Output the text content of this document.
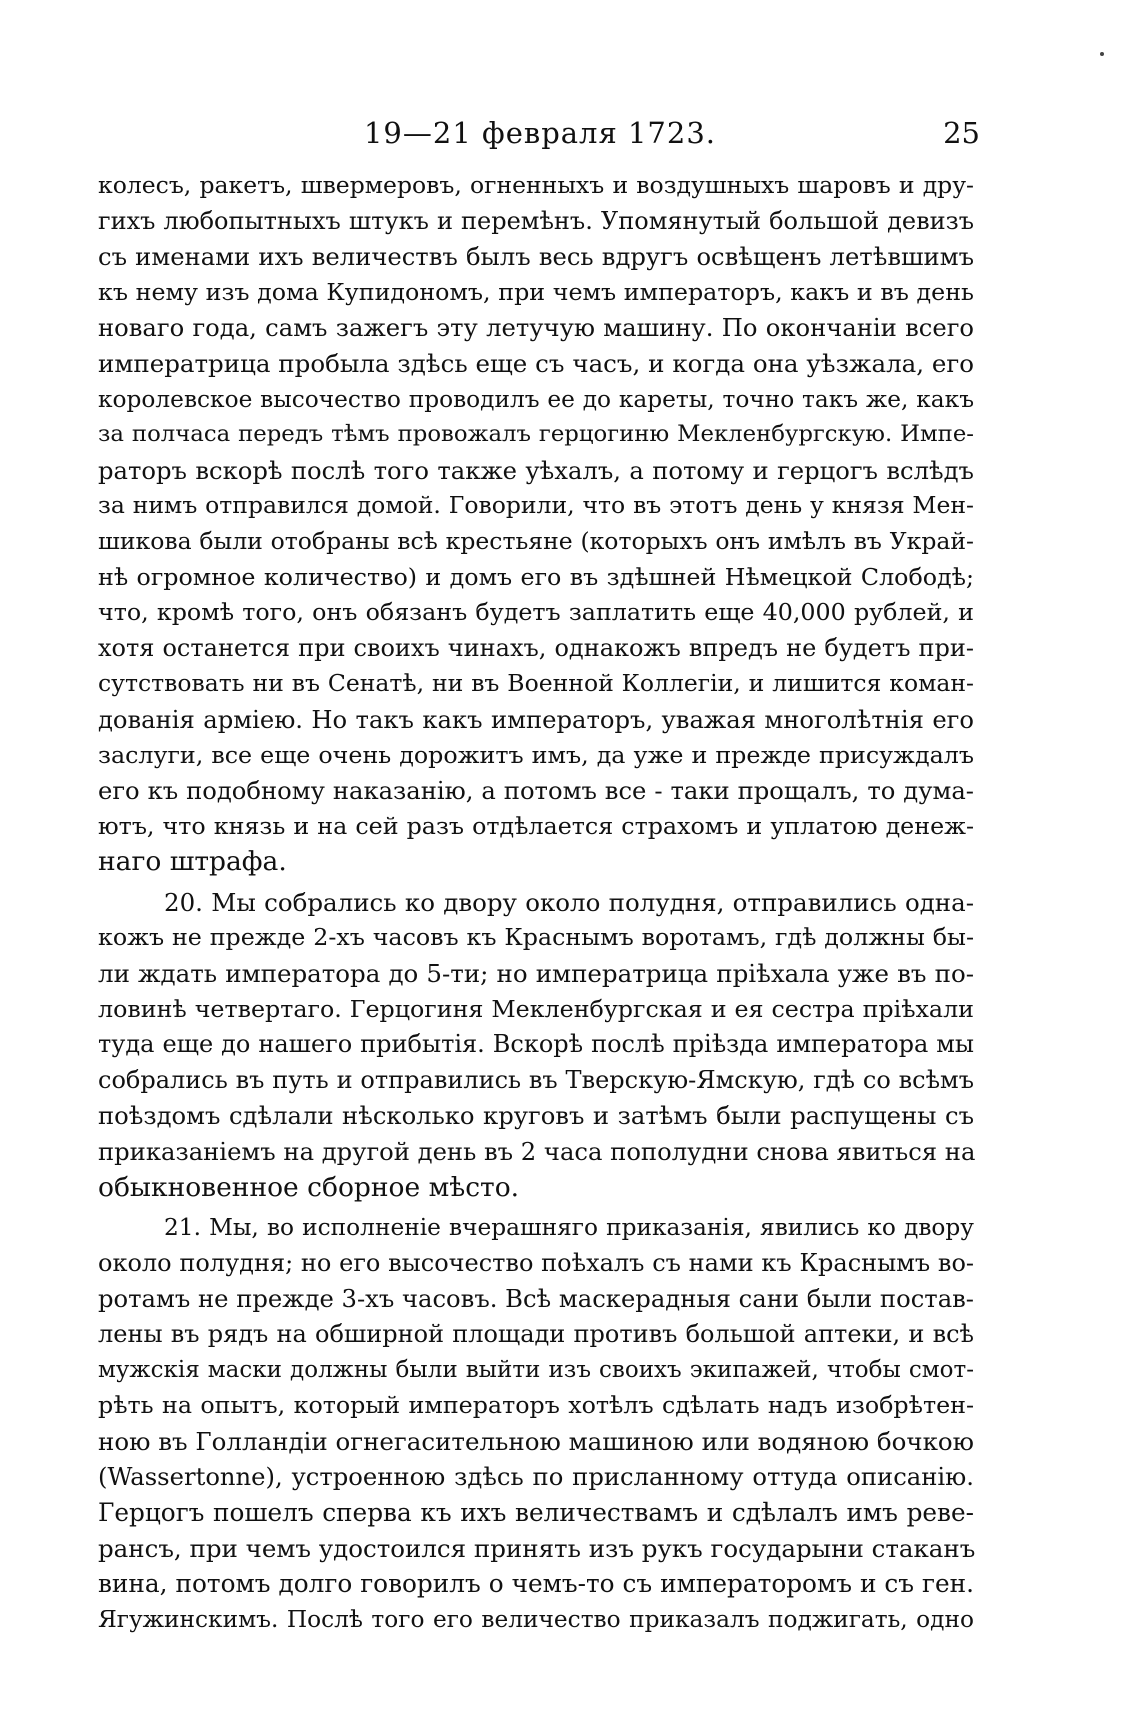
19—21 февраля 1723.	25
колесъ, ракетъ, швермеровъ, огненныхъ и воздушныхъ шаровъ и дру-
гихъ любопытныхъ штукъ и перемѣнъ. Упомянутый большой девизъ
съ именами ихъ величествъ былъ весь вдругъ освѣщенъ летѣвшимъ
къ нему изъ дома Купидономъ, при чемъ императоръ, какъ и въ день
новаго года, самъ зажегъ эту летучую машину. По окончаніи всего
императрица пробыла здѣсь еще съ часъ, и когда она уѣзжала, его
королевское высочество проводилъ ее до кареты, точно такъ же, какъ
за полчаса передъ тѣмъ провожалъ герцогиню Мекленбургскую. Импе-
раторъ вскорѣ послѣ того также уѣхалъ, а потому и герцогъ вслѣдъ
за нимъ отправился домой. Говорили, что въ этотъ день у князя Мен-
шикова были отобраны всѣ крестьяне (которыхъ онъ имѣлъ въ Украй-
нѣ огромное количество) и домъ его въ здѣшней Нѣмецкой Слободѣ;
что, кромѣ того, онъ обязанъ будетъ заплатить еще 40,000 рублей, и
хотя останется при своихъ чинахъ, однакожъ впредъ не будетъ при-
сутствовать ни въ Сенатѣ, ни въ Военной Коллегіи, и лишится коман-
дованія арміею. Но такъ какъ императоръ, уважая многолѣтнія его
заслуги, все еще очень дорожитъ имъ, да уже и прежде присуждалъ
его къ подобному наказанію, а потомъ все - таки прощалъ, то дума-
ютъ, что князь и на сей разъ отдѣлается страхомъ и уплатою денеж-
наго штрафа.
20. Мы собрались ко двору около полудня, отправились одна-
кожъ не прежде 2-хъ часовъ къ Краснымъ воротамъ, гдѣ должны бы-
ли ждать императора до 5-ти; но императрица пріѣхала уже въ по-
ловинѣ четвертаго. Герцогиня Мекленбургская и ея сестра пріѣхали
туда еще до нашего прибытія. Вскорѣ послѣ пріѣзда императора мы
собрались въ путь и отправились въ Тверскую-Ямскую, гдѣ со всѣмъ
поѣздомъ сдѣлали нѣсколько круговъ и затѣмъ были распущены съ
приказаніемъ на другой день въ 2 часа пополудни снова явиться на
обыкновенное сборное мѣсто.
21. Мы, во исполненіе вчерашняго приказанія, явились ко двору
около полудня; но его высочество поѣхалъ съ нами къ Краснымъ во-
ротамъ не прежде 3-хъ часовъ. Всѣ маскерадныя сани были постав-
лены въ рядъ на обширной площади противъ большой аптеки, и всѣ
мужскія маски должны были выйти изъ своихъ экипажей, чтобы смот-
рѣть на опытъ, который императоръ хотѣлъ сдѣлать надъ изобрѣтен-
ною въ Голландіи огнегасительною машиною или водяною бочкою
(Wassertonne), устроенною здѣсь по присланному оттуда описанію.
Герцогъ пошелъ сперва къ ихъ величествамъ и сдѣлалъ имъ реве-
рансъ, при чемъ удостоился принять изъ рукъ государыни стаканъ
вина, потомъ долго говорилъ о чемъ-то съ императоромъ и съ ген.
Ягужинскимъ. Послѣ того его величество приказалъ поджигать, одно
